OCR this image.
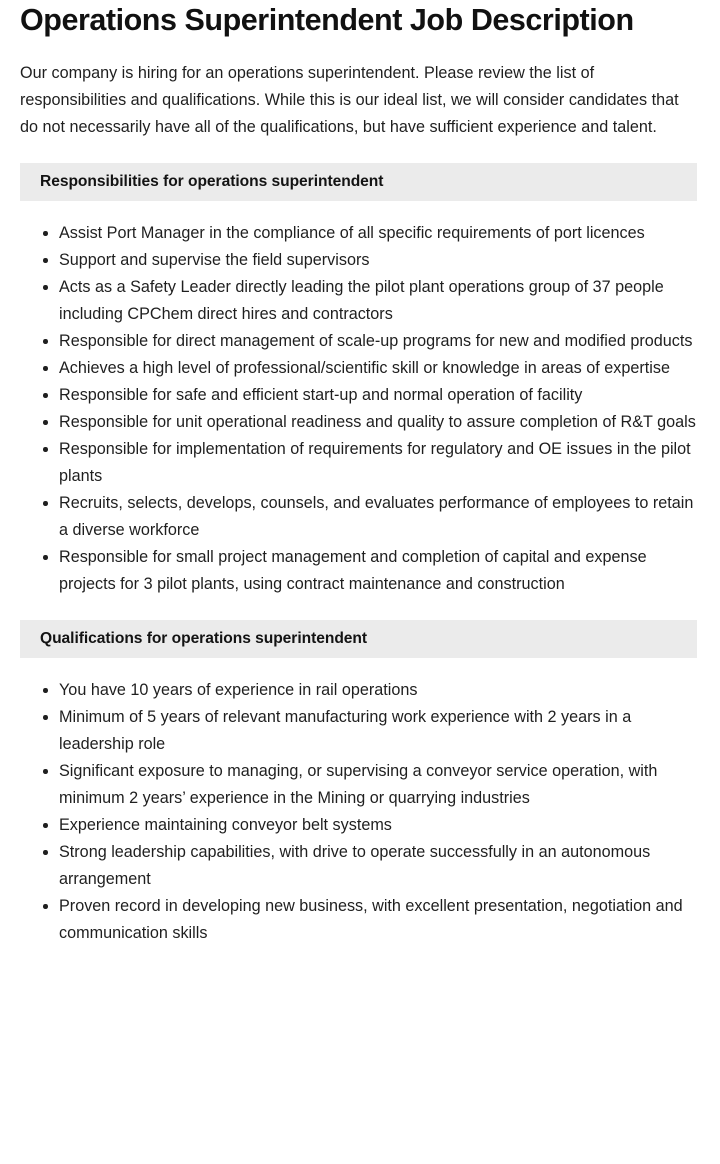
Operations Superintendent Job Description

Our company is hiring for an operations superintendent. Please review the list of responsibilities and qualifications. While this is our ideal list, we will consider candidates that do not necessarily have all of the qualifications, but have sufficient experience and talent.

Responsibilities for operations superintendent
Assist Port Manager in the compliance of all specific requirements of port licences
Support and supervise the field supervisors
Acts as a Safety Leader directly leading the pilot plant operations group of 37 people including CPChem direct hires and contractors
Responsible for direct management of scale-up programs for new and modified products
Achieves a high level of professional/scientific skill or knowledge in areas of expertise
Responsible for safe and efficient start-up and normal operation of facility
Responsible for unit operational readiness and quality to assure completion of R&T goals
Responsible for implementation of requirements for regulatory and OE issues in the pilot plants
Recruits, selects, develops, counsels, and evaluates performance of employees to retain a diverse workforce
Responsible for small project management and completion of capital and expense projects for 3 pilot plants, using contract maintenance and construction
Qualifications for operations superintendent
You have 10 years of experience in rail operations
Minimum of 5 years of relevant manufacturing work experience with 2 years in a leadership role
Significant exposure to managing, or supervising a conveyor service operation, with minimum 2 years’ experience in the Mining or quarrying industries
Experience maintaining conveyor belt systems
Strong leadership capabilities, with drive to operate successfully in an autonomous arrangement
Proven record in developing new business, with excellent presentation, negotiation and communication skills
